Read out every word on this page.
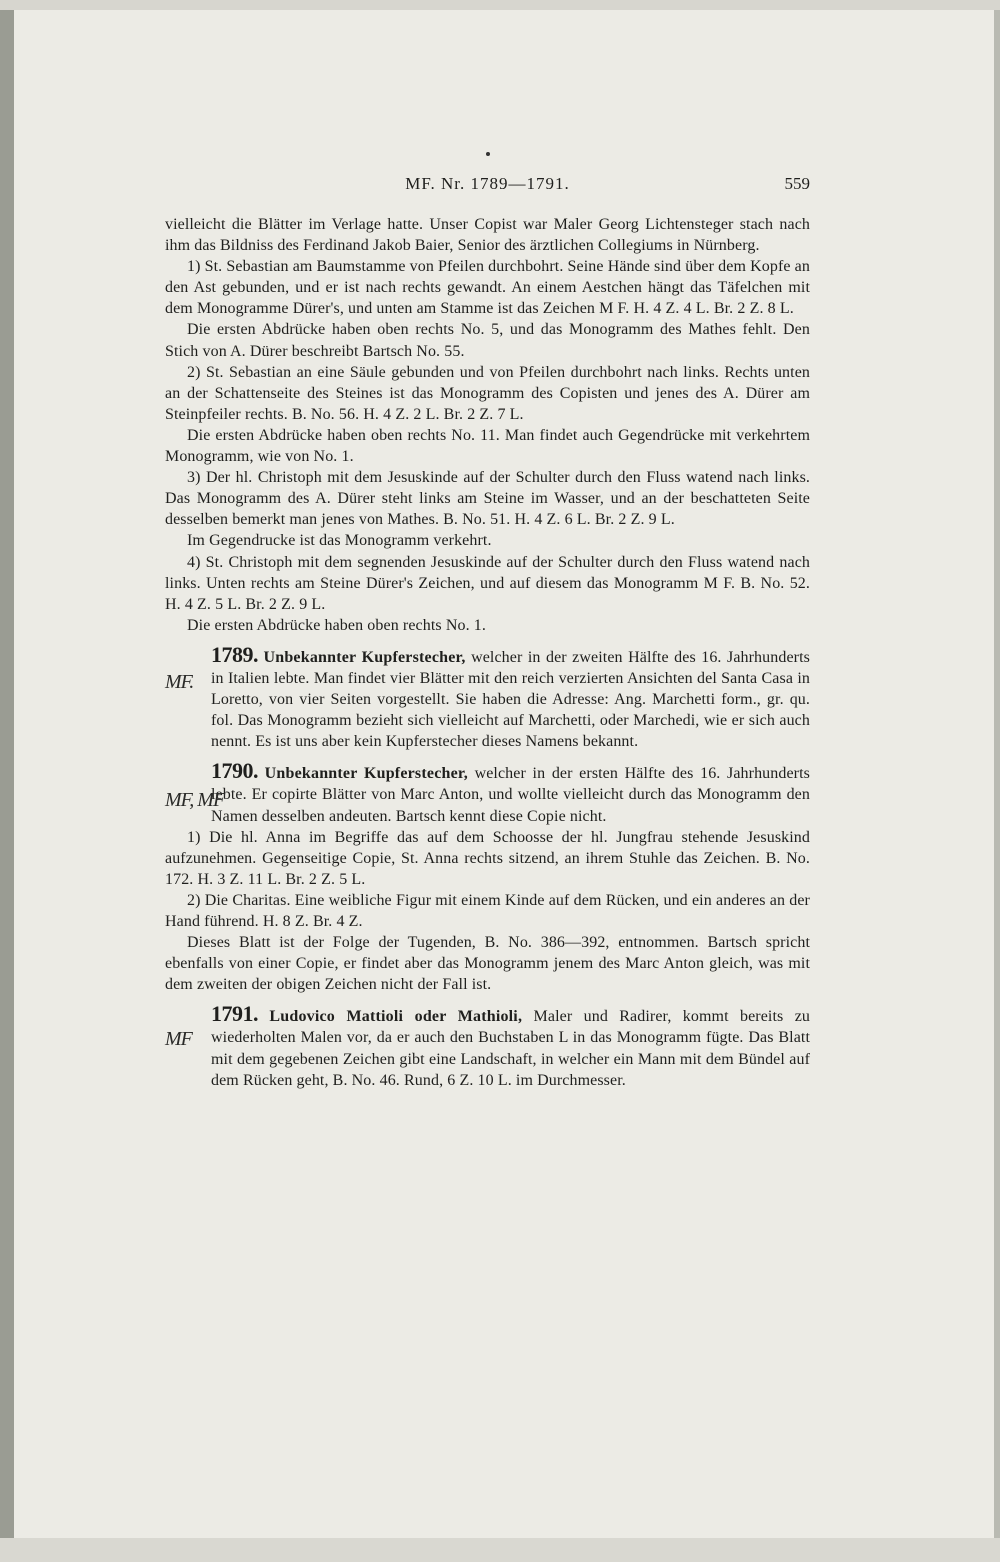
MF. Nr. 1789—1791.	559

vielleicht die Blätter im Verlage hatte. Unser Copist war Maler Georg Lichtensteger stach nach ihm das Bildniss des Ferdinand Jakob Baier, Senior des ärztlichen Collegiums in Nürnberg.

1) St. Sebastian am Baumstamme von Pfeilen durchbohrt. Seine Hände sind über dem Kopfe an den Ast gebunden, und er ist nach rechts gewandt. An einem Aestchen hängt das Täfelchen mit dem Monogramme Dürer's, und unten am Stamme ist das Zeichen M F. H. 4 Z. 4 L. Br. 2 Z. 8 L.

Die ersten Abdrücke haben oben rechts No. 5, und das Monogramm des Mathes fehlt. Den Stich von A. Dürer beschreibt Bartsch No. 55.

2) St. Sebastian an eine Säule gebunden und von Pfeilen durchbohrt nach links. Rechts unten an der Schattenseite des Steines ist das Monogramm des Copisten und jenes des A. Dürer am Steinpfeiler rechts. B. No. 56. H. 4 Z. 2 L. Br. 2 Z. 7 L.

Die ersten Abdrücke haben oben rechts No. 11. Man findet auch Gegendrücke mit verkehrtem Monogramm, wie von No. 1.

3) Der hl. Christoph mit dem Jesuskinde auf der Schulter durch den Fluss watend nach links. Das Monogramm des A. Dürer steht links am Steine im Wasser, und an der beschatteten Seite desselben bemerkt man jenes von Mathes. B. No. 51. H. 4 Z. 6 L. Br. 2 Z. 9 L.

Im Gegendrucke ist das Monogramm verkehrt.

4) St. Christoph mit dem segnenden Jesuskinde auf der Schulter durch den Fluss watend nach links. Unten rechts am Steine Dürer's Zeichen, und auf diesem das Monogramm M F. B. No. 52. H. 4 Z. 5 L. Br. 2 Z. 9 L.

Die ersten Abdrücke haben oben rechts No. 1.

1789. Unbekannter Kupferstecher, welcher in der zweiten Hälfte des 16. Jahrhunderts in Italien lebte. Man findet vier Blätter mit den reich verzierten Ansichten del Santa Casa in Loretto, von vier Seiten vorgestellt. Sie haben die Adresse: Ang. Marchetti form., gr. qu. fol. Das Monogramm bezieht sich vielleicht auf Marchetti, oder Marchedi, wie er sich auch nennt. Es ist uns aber kein Kupferstecher dieses Namens bekannt.

MF.

1790. Unbekannter Kupferstecher, welcher in der ersten Hälfte des 16. Jahrhunderts lebte. Er copirte Blätter von Marc Anton, und wollte vielleicht durch das Monogramm den Namen desselben andeuten. Bartsch kennt diese Copie nicht.

MF, MF

1) Die hl. Anna im Begriffe das auf dem Schoosse der hl. Jungfrau stehende Jesuskind aufzunehmen. Gegenseitige Copie, St. Anna rechts sitzend, an ihrem Stuhle das Zeichen. B. No. 172. H. 3 Z. 11 L. Br. 2 Z. 5 L.

2) Die Charitas. Eine weibliche Figur mit einem Kinde auf dem Rücken, und ein anderes an der Hand führend. H. 8 Z. Br. 4 Z.

Dieses Blatt ist der Folge der Tugenden, B. No. 386—392, entnommen. Bartsch spricht ebenfalls von einer Copie, er findet aber das Monogramm jenem des Marc Anton gleich, was mit dem zweiten der obigen Zeichen nicht der Fall ist.

1791. Ludovico Mattioli oder Mathioli, Maler und Radirer, kommt bereits zu wiederholten Malen vor, da er auch den Buchstaben L in das Monogramm fügte. Das Blatt mit dem gegebenen Zeichen gibt eine Landschaft, in welcher ein Mann mit dem Bündel auf dem Rücken geht, B. No. 46. Rund, 6 Z. 10 L. im Durchmesser.

MF
